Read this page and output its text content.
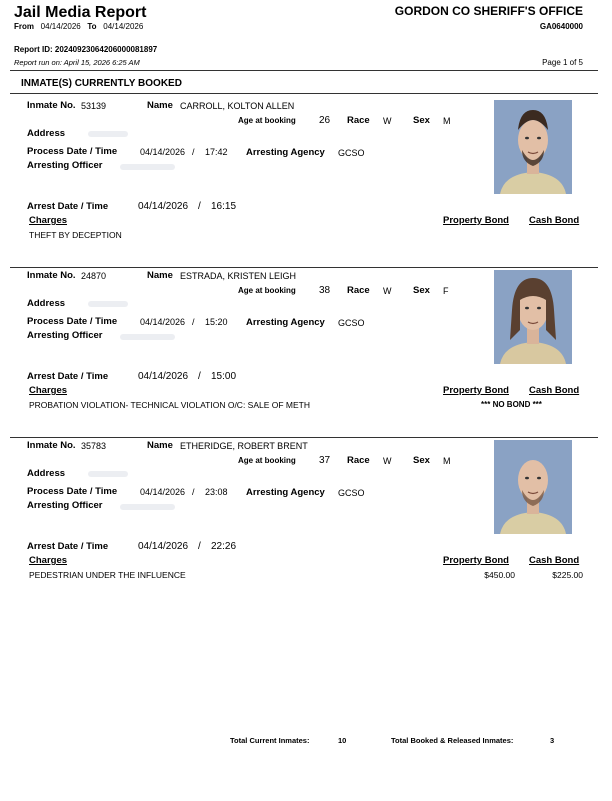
Jail Media Report
From 04/14/2026 To 04/14/2026
GORDON CO SHERIFF'S OFFICE
GA0640000
Report ID: 20240923064206000081897
Report run on: April 15, 2026 6:25 AM	Page 1 of 5
INMATE(S) CURRENTLY BOOKED
Inmate No. 53139	Name CARROLL, KOLTON ALLEN
Age at booking 26 Race W Sex M
Address
Process Date / Time	04/14/2026 / 17:42 Arresting Agency GCSO
Arresting Officer
Arrest Date / Time	04/14/2026 / 16:15
Charges
THEFT BY DECEPTION
Property Bond Cash Bond
Inmate No. 24870	Name ESTRADA, KRISTEN LEIGH
Age at booking 38 Race W Sex F
Address
Process Date / Time	04/14/2026 / 15:20 Arresting Agency GCSO
Arresting Officer
Arrest Date / Time	04/14/2026 / 15:00
Charges
PROBATION VIOLATION- TECHNICAL VIOLATION O/C: SALE OF METH
Property Bond Cash Bond
*** NO BOND ***
Inmate No. 35783	Name ETHERIDGE, ROBERT BRENT
Age at booking 37 Race W Sex M
Address
Process Date / Time	04/14/2026 / 23:08 Arresting Agency GCSO
Arresting Officer
Arrest Date / Time	04/14/2026 / 22:26
Charges
PEDESTRIAN UNDER THE INFLUENCE
Property Bond Cash Bond
$450.00	$225.00
Total Current Inmates:	10	Total Booked & Released Inmates:	3
